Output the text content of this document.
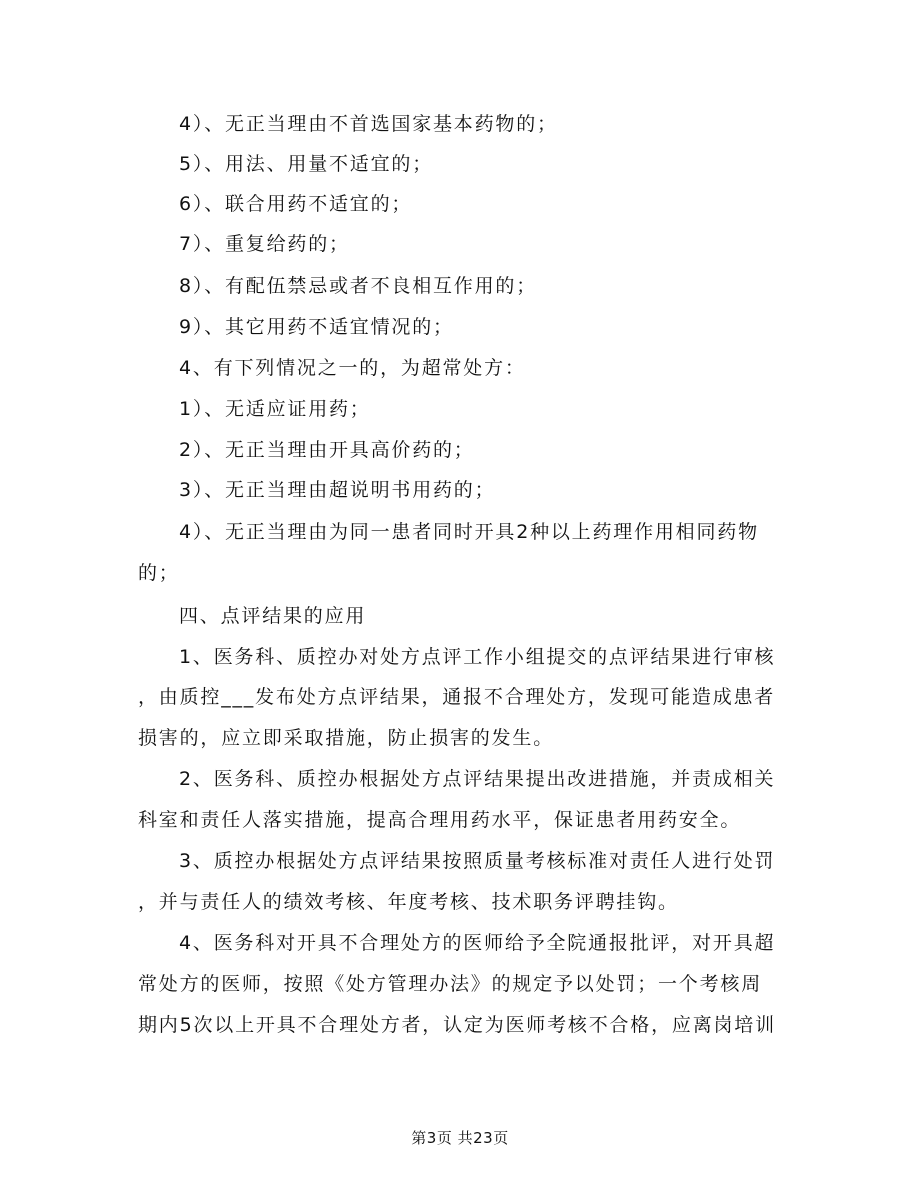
4）、无正当理由不首选国家基本药物的；
5）、用法、用量不适宜的；
6）、联合用药不适宜的；
7）、重复给药的；
8）、有配伍禁忌或者不良相互作用的；
9）、其它用药不适宜情况的；
4、有下列情况之一的，为超常处方：
1）、无适应证用药；
2）、无正当理由开具高价药的；
3）、无正当理由超说明书用药的；
4）、无正当理由为同一患者同时开具2种以上药理作用相同药物
的；
四、点评结果的应用
1、医务科、质控办对处方点评工作小组提交的点评结果进行审核
，由质控___发布处方点评结果，通报不合理处方，发现可能造成患者
损害的，应立即采取措施，防止损害的发生。
2、医务科、质控办根据处方点评结果提出改进措施，并责成相关
科室和责任人落实措施，提高合理用药水平，保证患者用药安全。
3、质控办根据处方点评结果按照质量考核标准对责任人进行处罚
，并与责任人的绩效考核、年度考核、技术职务评聘挂钩。
4、医务科对开具不合理处方的医师给予全院通报批评，对开具超
常处方的医师，按照《处方管理办法》的规定予以处罚；一个考核周
期内5次以上开具不合理处方者，认定为医师考核不合格，应离岗培训
第3页 共23页
